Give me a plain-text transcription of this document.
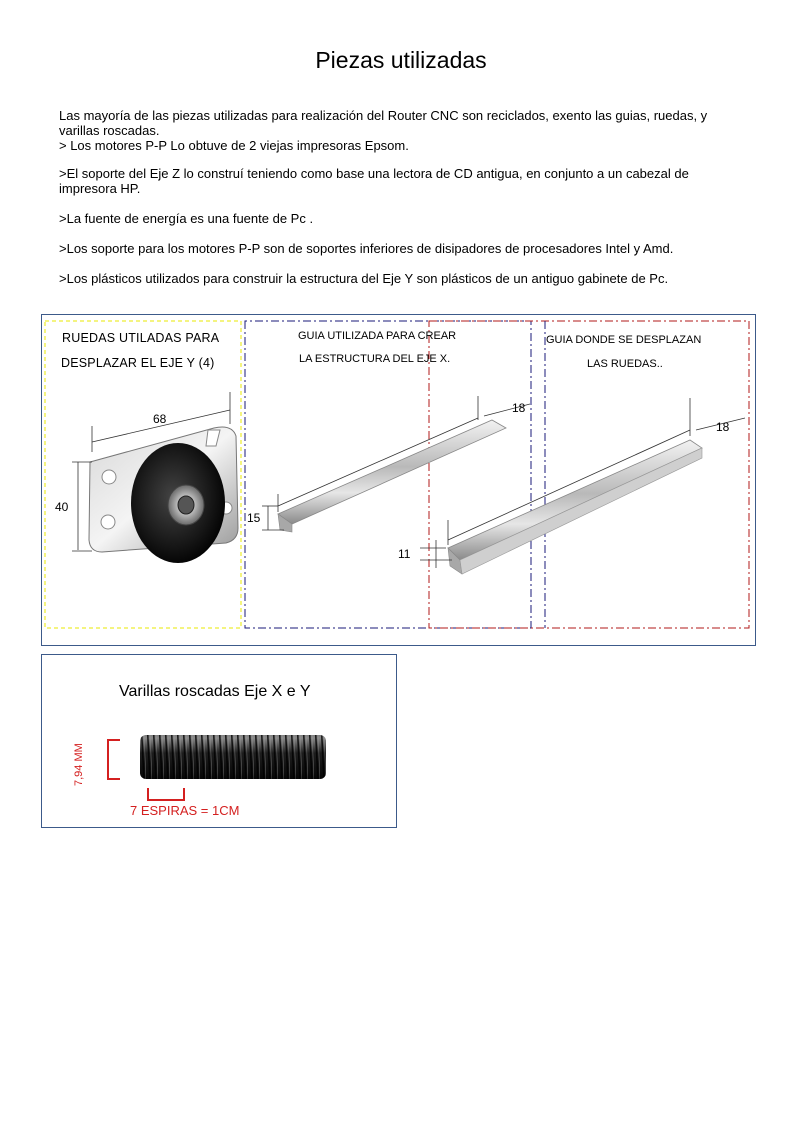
Piezas utilizadas
Las mayoría de las piezas utilizadas para realización del Router CNC son reciclados, exento las guias, ruedas, y varillas roscadas.
> Los motores P-P Lo obtuve de 2 viejas impresoras Epsom.
>El soporte del Eje Z lo construí teniendo como base una lectora de CD antigua, en conjunto a un cabezal de impresora HP.
>La fuente de energía es una fuente de Pc .
>Los soporte para los motores P-P son de soportes inferiores de disipadores de procesadores Intel y Amd.
>Los plásticos utilizados para construir la estructura del Eje Y son plásticos de un antiguo gabinete de Pc.
RUEDAS UTILADAS PARA
DESPLAZAR EL EJE Y (4)
GUIA UTILIZADA PARA CREAR
LA ESTRUCTURA DEL EJE X.
GUIA DONDE SE DESPLAZAN
LAS RUEDAS..
68
40
18
15
18
11
Varillas roscadas Eje X e Y
7,94 MM
7 ESPIRAS = 1CM
